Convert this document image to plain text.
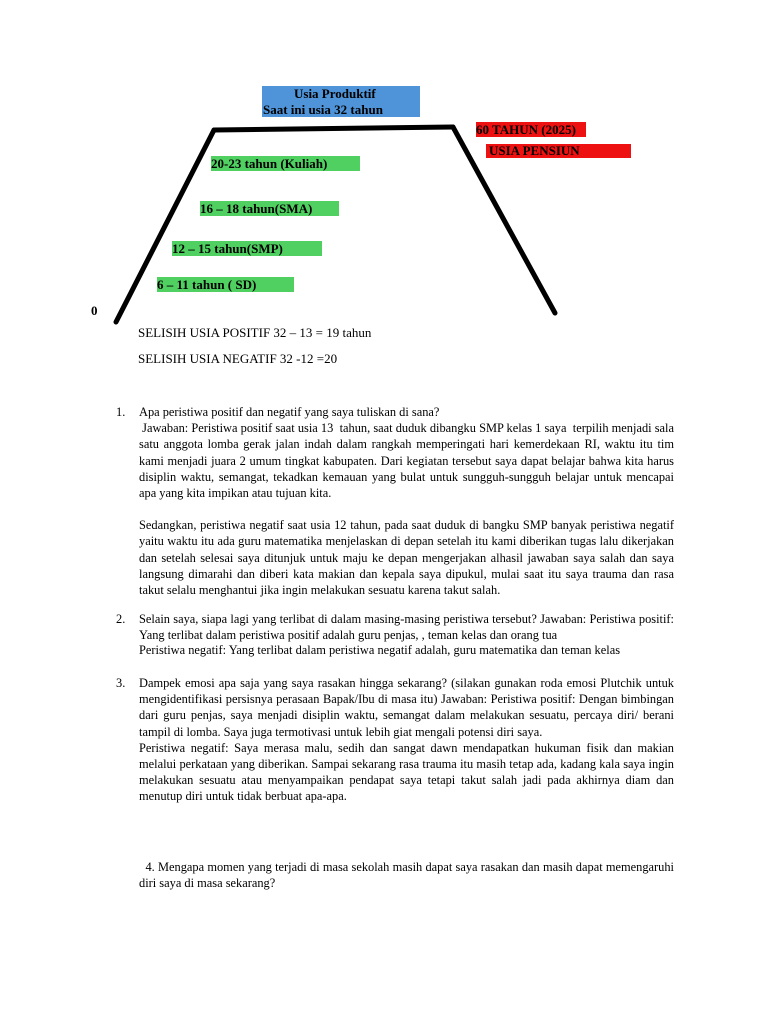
Usia Produktif
Saat ini usia 32 tahun
60 TAHUN (2025)
USIA PENSIUN
20-23 tahun (Kuliah)
16 – 18 tahun(SMA)
12 – 15 tahun(SMP)
6 – 11 tahun ( SD)
0
SELISIH USIA POSITIF 32 – 13 = 19 tahun
SELISIH USIA NEGATIF 32 -12 =20
1. Apa peristiwa positif dan negatif yang saya tuliskan di sana?

Jawaban: Peristiwa positif saat usia 13  tahun, saat duduk dibangku SMP kelas 1 saya  terpilih menjadi sala satu anggota lomba gerak jalan indah dalam rangkah memperingati hari kemerdekaan RI, waktu itu tim kami menjadi juara 2 umum tingkat kabupaten. Dari kegiatan tersebut saya dapat belajar bahwa kita harus disiplin waktu, semangat, tekadkan kemauan yang bulat untuk sungguh-sungguh belajar untuk mencapai apa yang kita impikan atau tujuan kita.

Sedangkan, peristiwa negatif saat usia 12 tahun, pada saat duduk di bangku SMP banyak peristiwa negatif yaitu waktu itu ada guru matematika menjelaskan di depan setelah itu kami diberikan tugas lalu dikerjakan dan setelah selesai saya ditunjuk untuk maju ke depan mengerjakan alhasil jawaban saya salah dan saya langsung dimarahi dan diberi kata makian dan kepala saya dipukul, mulai saat itu saya trauma dan rasa takut selalu menghantui jika ingin melakukan sesuatu karena takut salah.

2. Selain saya, siapa lagi yang terlibat di dalam masing-masing peristiwa tersebut? Jawaban: Peristiwa positif: Yang terlibat dalam peristiwa positif adalah guru penjas, , teman kelas dan orang tua

Peristiwa negatif: Yang terlibat dalam peristiwa negatif adalah, guru matematika dan teman kelas

3. Dampek emosi apa saja yang saya rasakan hingga sekarang? (silakan gunakan roda emosi Plutchik untuk mengidentifikasi persisnya perasaan Bapak/Ibu di masa itu) Jawaban: Peristiwa positif: Dengan bimbingan dari guru penjas, saya menjadi disiplin waktu, semangat dalam melakukan sesuatu, percaya diri/ berani tampil di lomba. Saya juga termotivasi untuk lebih giat mengali potensi diri saya.

Peristiwa negatif: Saya merasa malu, sedih dan sangat dawn mendapatkan hukuman fisik dan makian melalui perkataan yang diberikan. Sampai sekarang rasa trauma itu masih tetap ada, kadang kala saya ingin melakukan sesuatu atau menyampaikan pendapat saya tetapi takut salah jadi pada akhirnya diam dan menutup diri untuk tidak berbuat apa-apa.

4. Mengapa momen yang terjadi di masa sekolah masih dapat saya rasakan dan masih dapat memengaruhi diri saya di masa sekarang?
